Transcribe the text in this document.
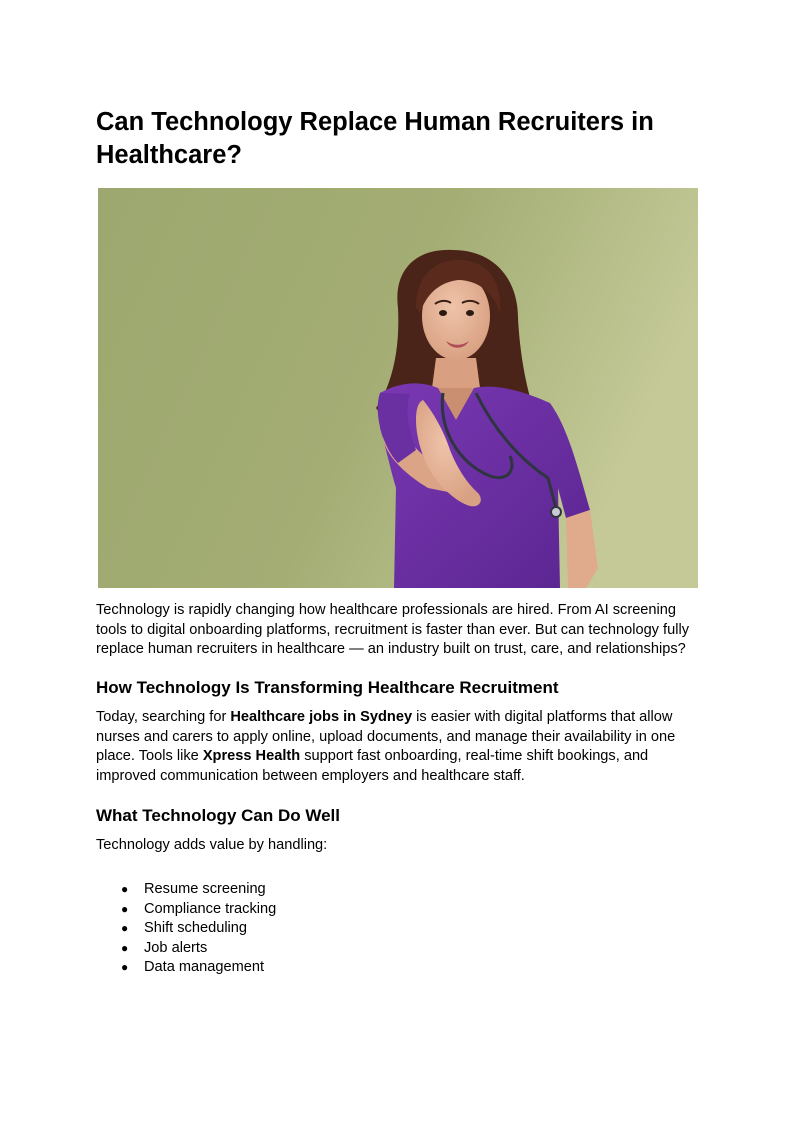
Can Technology Replace Human Recruiters in Healthcare?

Technology is rapidly changing how healthcare professionals are hired. From AI screening tools to digital onboarding platforms, recruitment is faster than ever. But can technology fully replace human recruiters in healthcare — an industry built on trust, care, and relationships?

How Technology Is Transforming Healthcare Recruitment

Today, searching for Healthcare jobs in Sydney is easier with digital platforms that allow nurses and carers to apply online, upload documents, and manage their availability in one place. Tools like Xpress Health support fast onboarding, real-time shift bookings, and improved communication between employers and healthcare staff.

What Technology Can Do Well

Technology adds value by handling:

● Resume screening
● Compliance tracking
● Shift scheduling
● Job alerts
● Data management
